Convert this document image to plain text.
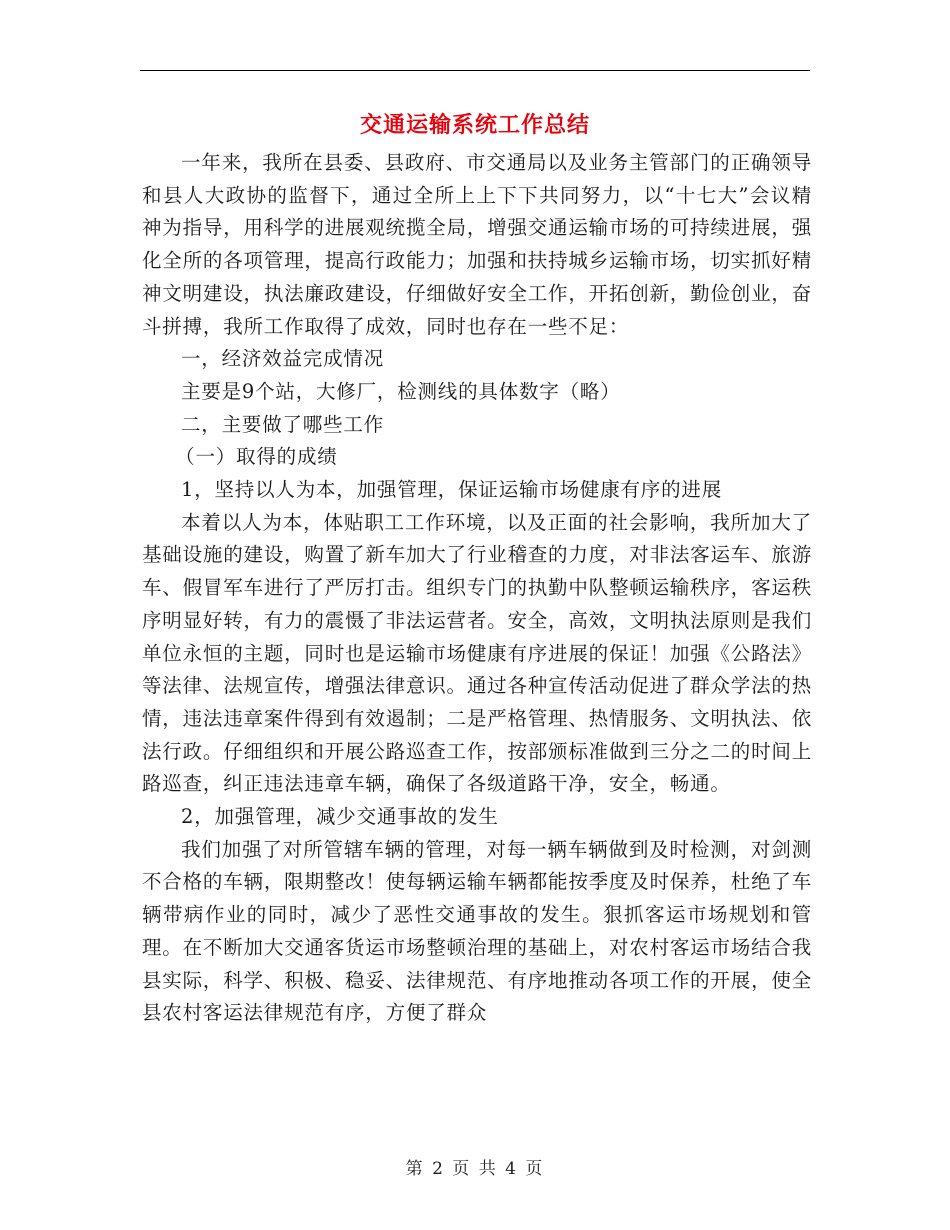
交通运输系统工作总结

一年来，我所在县委、县政府、市交通局以及业务主管部门的正确领导和县人大政协的监督下，通过全所上上下下共同努力，以“十七大”会议精神为指导，用科学的进展观统揽全局，增强交通运输市场的可持续进展，强化全所的各项管理，提高行政能力；加强和扶持城乡运输市场，切实抓好精神文明建设，执法廉政建设，仔细做好安全工作，开拓创新，勤俭创业，奋斗拼搏，我所工作取得了成效，同时也存在一些不足：

一，经济效益完成情况

主要是9个站，大修厂，检测线的具体数字（略）

二，主要做了哪些工作

（一）取得的成绩

1，坚持以人为本，加强管理，保证运输市场健康有序的进展

本着以人为本，体贴职工工作环境，以及正面的社会影响，我所加大了基础设施的建设，购置了新车加大了行业稽查的力度，对非法客运车、旅游车、假冒军车进行了严厉打击。组织专门的执勤中队整顿运输秩序，客运秩序明显好转，有力的震慑了非法运营者。安全，高效，文明执法原则是我们单位永恒的主题，同时也是运输市场健康有序进展的保证！加强《公路法》等法律、法规宣传，增强法律意识。通过各种宣传活动促进了群众学法的热情，违法违章案件得到有效遏制；二是严格管理、热情服务、文明执法、依法行政。仔细组织和开展公路巡查工作，按部颁标准做到三分之二的时间上路巡查，纠正违法违章车辆，确保了各级道路干净，安全，畅通。

2，加强管理，减少交通事故的发生

我们加强了对所管辖车辆的管理，对每一辆车辆做到及时检测，对剑测不合格的车辆，限期整改！使每辆运输车辆都能按季度及时保养，杜绝了车辆带病作业的同时，减少了恶性交通事故的发生。狠抓客运市场规划和管理。在不断加大交通客货运市场整顿治理的基础上，对农村客运市场结合我县实际，科学、积极、稳妥、法律规范、有序地推动各项工作的开展，使全县农村客运法律规范有序，方便了群众

第 2 页 共 4 页
